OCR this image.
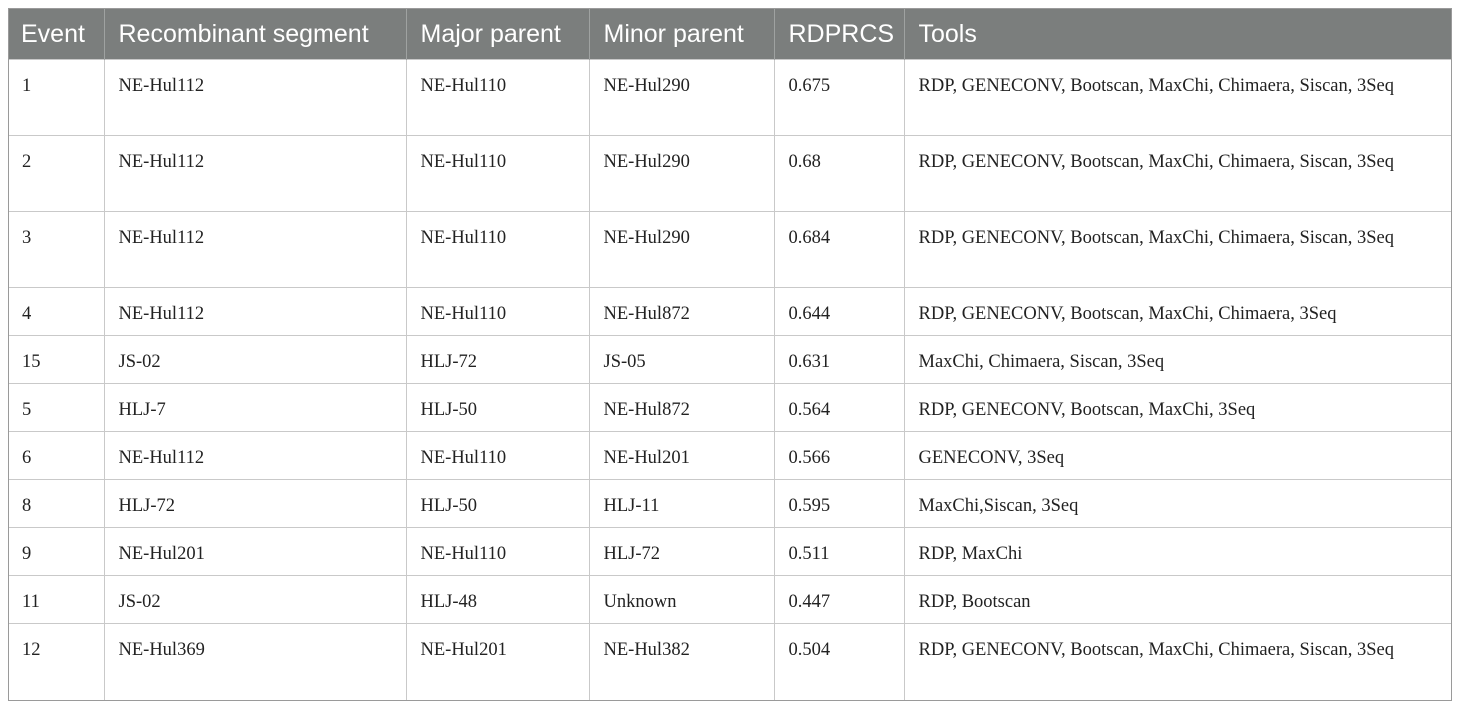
Event	Recombinant segment	Major parent	Minor parent	RDPRCS	Tools
1	NE-Hul112	NE-Hul110	NE-Hul290	0.675	RDP, GENECONV, Bootscan, MaxChi, Chimaera, Siscan, 3Seq
2	NE-Hul112	NE-Hul110	NE-Hul290	0.68	RDP, GENECONV, Bootscan, MaxChi, Chimaera, Siscan, 3Seq
3	NE-Hul112	NE-Hul110	NE-Hul290	0.684	RDP, GENECONV, Bootscan, MaxChi, Chimaera, Siscan, 3Seq
4	NE-Hul112	NE-Hul110	NE-Hul872	0.644	RDP, GENECONV, Bootscan, MaxChi, Chimaera, 3Seq
15	JS-02	HLJ-72	JS-05	0.631	MaxChi, Chimaera, Siscan, 3Seq
5	HLJ-7	HLJ-50	NE-Hul872	0.564	RDP, GENECONV, Bootscan, MaxChi, 3Seq
6	NE-Hul112	NE-Hul110	NE-Hul201	0.566	GENECONV, 3Seq
8	HLJ-72	HLJ-50	HLJ-11	0.595	MaxChi,Siscan, 3Seq
9	NE-Hul201	NE-Hul110	HLJ-72	0.511	RDP, MaxChi
11	JS-02	HLJ-48	Unknown	0.447	RDP, Bootscan
12	NE-Hul369	NE-Hul201	NE-Hul382	0.504	RDP, GENECONV, Bootscan, MaxChi, Chimaera, Siscan, 3Seq
